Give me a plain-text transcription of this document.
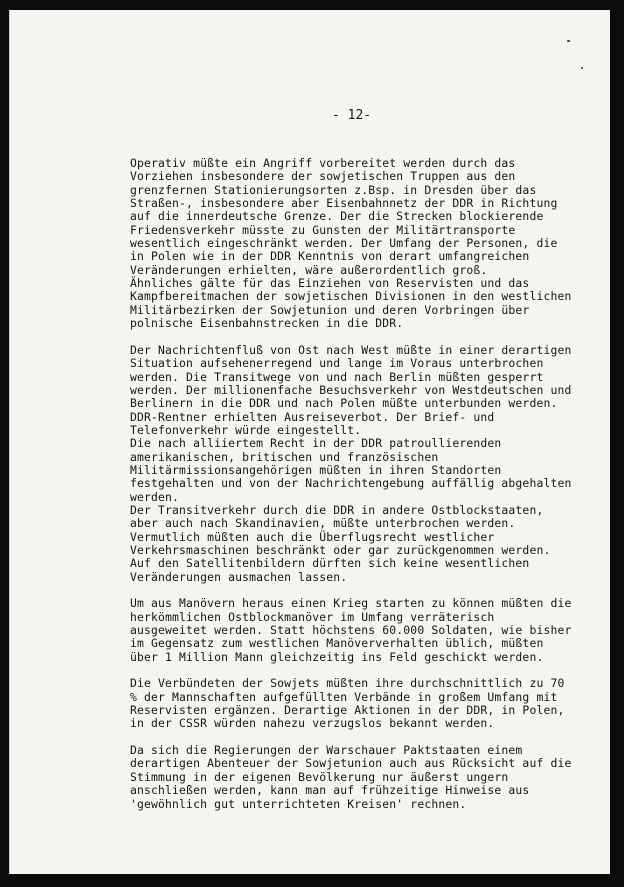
- 12-
Operativ müßte ein Angriff vorbereitet werden durch das
Vorziehen insbesondere der sowjetischen Truppen aus den
grenzfernen Stationierungsorten z.Bsp. in Dresden über das
Straßen-, insbesondere aber Eisenbahnnetz der DDR in Richtung
auf die innerdeutsche Grenze. Der die Strecken blockierende
Friedensverkehr müsste zu Gunsten der Militärtransporte
wesentlich eingeschränkt werden. Der Umfang der Personen, die
in Polen wie in der DDR Kenntnis von derart umfangreichen
Veränderungen erhielten, wäre außerordentlich groß.
Ähnliches gälte für das Einziehen von Reservisten und das
Kampfbereitmachen der sowjetischen Divisionen in den westlichen
Militärbezirken der Sowjetunion und deren Vorbringen über
polnische Eisenbahnstrecken in die DDR.
Der Nachrichtenfluß von Ost nach West müßte in einer derartigen
Situation aufsehenerregend und lange im Voraus unterbrochen
werden. Die Transitwege von und nach Berlin müßten gesperrt
werden. Der millionenfache Besuchsverkehr von Westdeutschen und
Berlinern in die DDR und nach Polen müßte unterbunden werden.
DDR-Rentner erhielten Ausreiseverbot. Der Brief- und
Telefonverkehr würde eingestellt.
Die nach alliiertem Recht in der DDR patroullierenden
amerikanischen, britischen und französischen
Militärmissionsangehörigen müßten in ihren Standorten
festgehalten und von der Nachrichtengebung auffällig abgehalten
werden.
Der Transitverkehr durch die DDR in andere Ostblockstaaten,
aber auch nach Skandinavien, müßte unterbrochen werden.
Vermutlich müßten auch die Überflugsrecht westlicher
Verkehrsmaschinen beschränkt oder gar zurückgenommen werden.
Auf den Satellitenbildern dürften sich keine wesentlichen
Veränderungen ausmachen lassen.
Um aus Manövern heraus einen Krieg starten zu können müßten die
herkömmlichen Ostblockmanöver im Umfang verräterisch
ausgeweitet werden. Statt höchstens 60.000 Soldaten, wie bisher
im Gegensatz zum westlichen Manöververhalten üblich, müßten
über 1 Million Mann gleichzeitig ins Feld geschickt werden.
Die Verbündeten der Sowjets müßten ihre durchschnittlich zu 70
% der Mannschaften aufgefüllten Verbände in großem Umfang mit
Reservisten ergänzen. Derartige Aktionen in der DDR, in Polen,
in der CSSR würden nahezu verzugslos bekannt werden.
Da sich die Regierungen der Warschauer Paktstaaten einem
derartigen Abenteuer der Sowjetunion auch aus Rücksicht auf die
Stimmung in der eigenen Bevölkerung nur äußerst ungern
anschließen werden, kann man auf frühzeitige Hinweise aus
'gewöhnlich gut unterrichteten Kreisen' rechnen.
